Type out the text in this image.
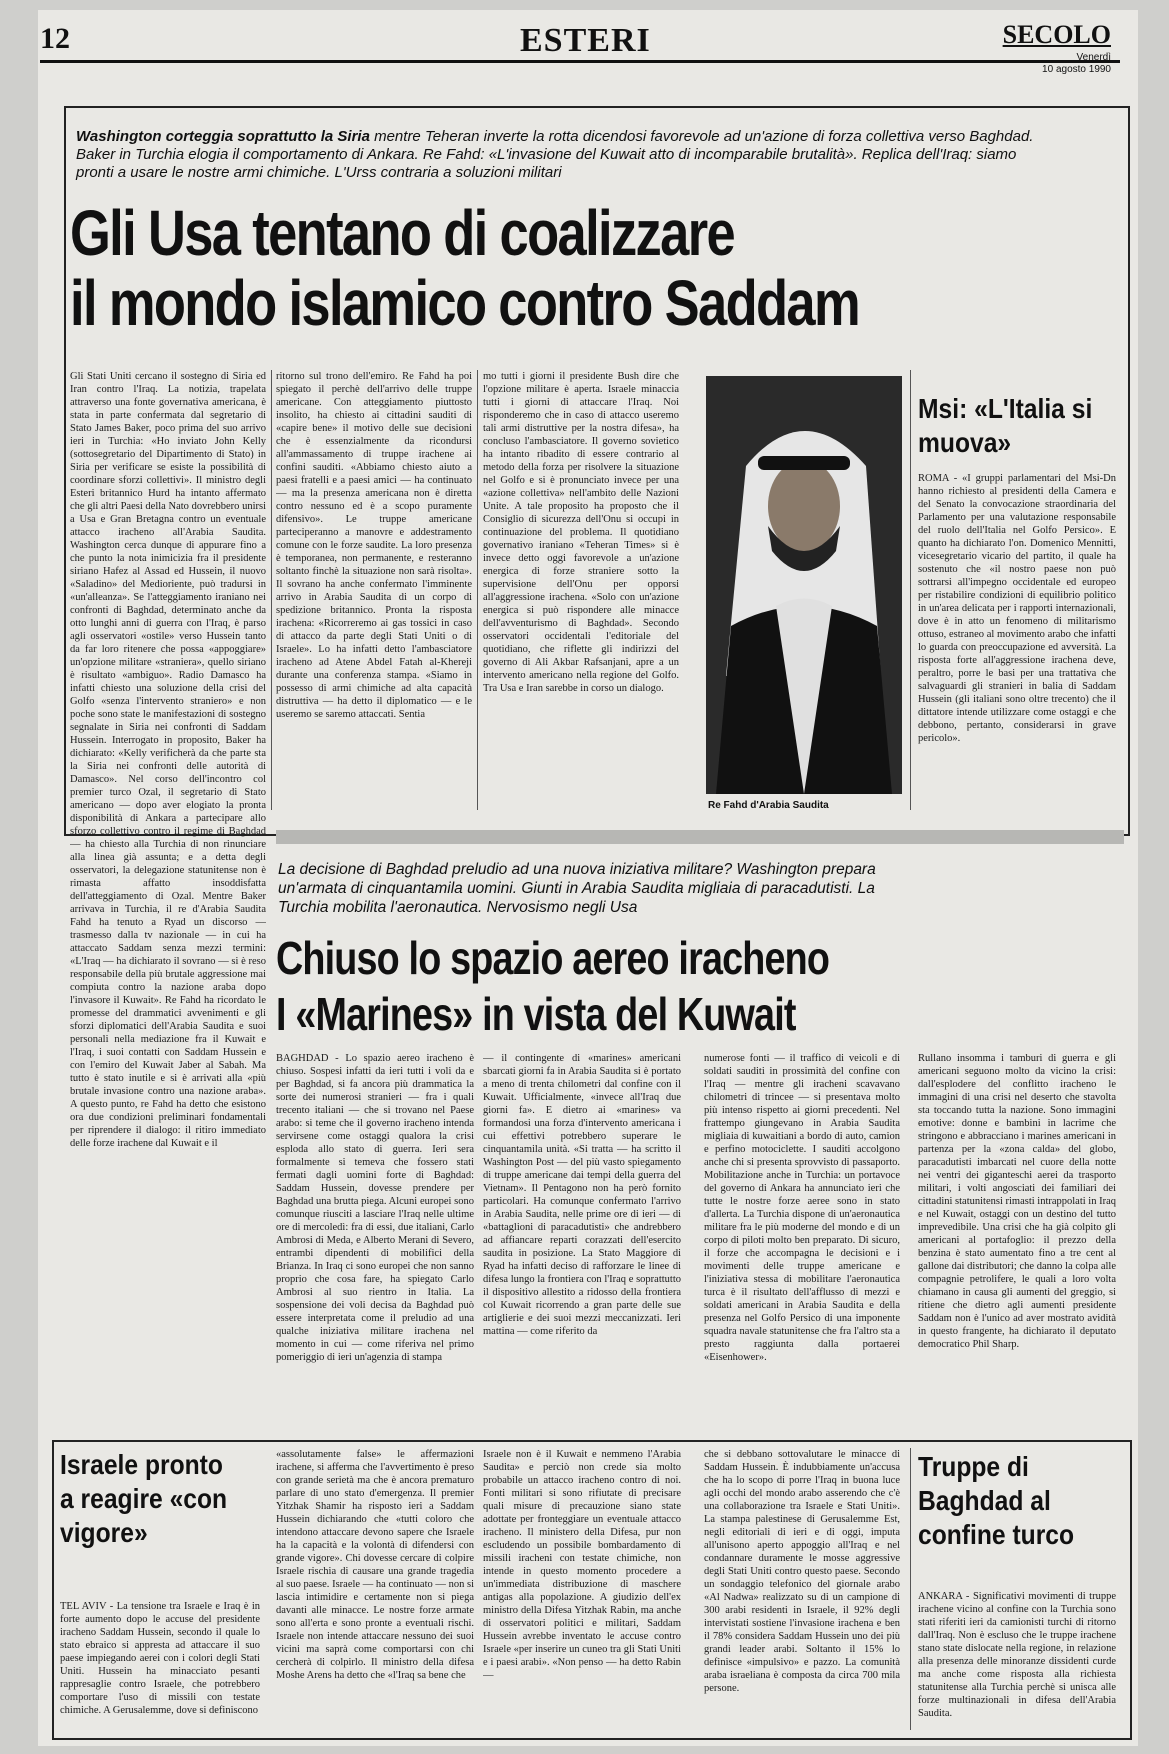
12	ESTERI	SECOLO
Venerdì
10 agosto 1990
Washington corteggia soprattutto la Siria mentre Teheran inverte la rotta dicendosi favorevole ad un'azione di forza collettiva verso Baghdad. Baker in Turchia elogia il comportamento di Ankara. Re Fahd: «L'invasione del Kuwait atto di incomparabile brutalità». Replica dell'Iraq: siamo pronti a usare le nostre armi chimiche. L'Urss contraria a soluzioni militari
Gli Usa tentano di coalizzare
il mondo islamico contro Saddam
Gli Stati Uniti cercano il sostegno di Siria ed Iran contro l'Iraq. La notizia, trapelata attraverso una fonte governativa americana, è stata in parte confermata dal segretario di Stato James Baker, poco prima del suo arrivo ieri in Turchia: «Ho inviato John Kelly (sottosegretario del Dipartimento di Stato) in Siria per verificare se esiste la possibilità di coordinare sforzi collettivi». Il ministro degli Esteri britannico Hurd ha intanto affermato che gli altri Paesi della Nato dovrebbero unirsi a Usa e Gran Bretagna contro un eventuale attacco iracheno all'Arabia Saudita. Washington cerca dunque di appurare fino a che punto la nota inimicizia fra il presidente siriano Hafez al Assad ed Hussein, il nuovo «Saladino» del Medioriente, può tradursi in «un'alleanza». Se l'atteggiamento iraniano nei confronti di Baghdad, determinato anche da otto lunghi anni di guerra con l'Iraq, è parso agli osservatori «ostile» verso Hussein tanto da far loro ritenere che possa «appoggiare» un'opzione militare «straniera», quello siriano è risultato «ambiguo». Radio Damasco ha infatti chiesto una soluzione della crisi del Golfo «senza l'intervento straniero» e non poche sono state le manifestazioni di sostegno segnalate in Siria nei confronti di Saddam Hussein. Interrogato in proposito, Baker ha dichiarato: «Kelly verificherà da che parte sta la Siria nei confronti delle autorità di Damasco». Nel corso dell'incontro col premier turco Ozal, il segretario di Stato americano — dopo aver elogiato la pronta disponibilità di Ankara a partecipare allo sforzo collettivo contro il regime di Baghdad — ha chiesto alla Turchia di non rinunciare alla linea già assunta; e a detta degli osservatori, la delegazione statunitense non è rimasta affatto insoddisfatta dell'atteggiamento di Ozal. Mentre Baker arrivava in Turchia, il re d'Arabia Saudita Fahd ha tenuto a Ryad un discorso — trasmesso dalla tv nazionale — in cui ha attaccato Saddam senza mezzi termini: «L'Iraq — ha dichiarato il sovrano — si è reso responsabile della più brutale aggressione mai compiuta contro la nazione araba dopo l'invasore il Kuwait». Re Fahd ha ricordato le promesse del drammatici avvenimenti e gli sforzi diplomatici dell'Arabia Saudita e suoi personali nella mediazione fra il Kuwait e l'Iraq, i suoi contatti con Saddam Hussein e con l'emiro del Kuwait Jaber al Sabah. Ma tutto è stato inutile e si è arrivati alla «più brutale invasione contro una nazione araba». A questo punto, re Fahd ha detto che esistono ora due condizioni preliminari fondamentali per riprendere il dialogo: il ritiro immediato delle forze irachene dal Kuwait e il
ritorno sul trono dell'emiro. Re Fahd ha poi spiegato il perchè dell'arrivo delle truppe americane. Con atteggiamento piuttosto insolito, ha chiesto ai cittadini sauditi di «capire bene» il motivo delle sue decisioni che è essenzialmente da ricondursi all'ammassamento di truppe irachene ai confini sauditi. «Abbiamo chiesto aiuto a paesi fratelli e a paesi amici — ha continuato — ma la presenza americana non è diretta contro nessuno ed è a scopo puramente difensivo». Le truppe americane parteciperanno a manovre e addestramento comune con le forze saudite. La loro presenza è temporanea, non permanente, e resteranno soltanto finchè la situazione non sarà risolta». Il sovrano ha anche confermato l'imminente arrivo in Arabia Saudita di un corpo di spedizione britannico. Pronta la risposta irachena: «Ricorreremo ai gas tossici in caso di attacco da parte degli Stati Uniti o di Israele». Lo ha infatti detto l'ambasciatore iracheno ad Atene Abdel Fatah al-Khereji durante una conferenza stampa. «Siamo in possesso di armi chimiche ad alta capacità distruttiva — ha detto il diplomatico — e le useremo se saremo attaccati. Sentia
mo tutti i giorni il presidente Bush dire che l'opzione militare è aperta. Israele minaccia tutti i giorni di attaccare l'Iraq. Noi risponderemo che in caso di attacco useremo tali armi distruttive per la nostra difesa», ha concluso l'ambasciatore. Il governo sovietico ha intanto ribadito di essere contrario al metodo della forza per risolvere la situazione nel Golfo e si è pronunciato invece per una «azione collettiva» nell'ambito delle Nazioni Unite. A tale proposito ha proposto che il Consiglio di sicurezza dell'Onu si occupi in continuazione del problema. Il quotidiano governativo iraniano «Teheran Times» si è invece detto oggi favorevole a un'azione energica di forze straniere sotto la supervisione dell'Onu per opporsi all'aggressione irachena. «Solo con un'azione energica si può rispondere alle minacce dell'avventurismo di Baghdad». Secondo osservatori occidentali l'editoriale del quotidiano, che riflette gli indirizzi del governo di Ali Akbar Rafsanjani, apre a un intervento americano nella regione del Golfo. Tra Usa e Iran sarebbe in corso un dialogo.
Re Fahd d'Arabia Saudita
Msi: «L'Italia si muova»
ROMA - «I gruppi parlamentari del Msi-Dn hanno richiesto al presidenti della Camera e del Senato la convocazione straordinaria del Parlamento per una valutazione responsabile del ruolo dell'Italia nel Golfo Persico». E quanto ha dichiarato l'on. Domenico Mennitti, vicesegretario vicario del partito, il quale ha sostenuto che «il nostro paese non può sottrarsi all'impegno occidentale ed europeo per ristabilire condizioni di equilibrio politico in un'area delicata per i rapporti internazionali, dove è in atto un fenomeno di militarismo ottuso, estraneo al movimento arabo che infatti lo guarda con preoccupazione ed avversità. La risposta forte all'aggressione irachena deve, peraltro, porre le basi per una trattativa che salvaguardi gli stranieri in balia di Saddam Hussein (gli italiani sono oltre trecento) che il dittatore intende utilizzare come ostaggi e che debbono, pertanto, considerarsi in grave pericolo».
La decisione di Baghdad preludio ad una nuova iniziativa militare? Washington prepara un'armata di cinquantamila uomini. Giunti in Arabia Saudita migliaia di paracadutisti. La Turchia mobilita l'aeronautica. Nervosismo negli Usa
Chiuso lo spazio aereo iracheno
I «Marines» in vista del Kuwait
BAGHDAD - Lo spazio aereo iracheno è chiuso. Sospesi infatti da ieri tutti i voli da e per Baghdad, si fa ancora più drammatica la sorte dei numerosi stranieri — fra i quali trecento italiani — che si trovano nel Paese arabo: si teme che il governo iracheno intenda servirsene come ostaggi qualora la crisi esploda allo stato di guerra. Ieri sera formalmente si temeva che fossero stati fermati dagli uomini forte di Baghdad: Saddam Hussein, dovesse prendere per Baghdad una brutta piega. Alcuni europei sono comunque riusciti a lasciare l'Iraq nelle ultime ore di mercoledì: fra di essi, due italiani, Carlo Ambrosi di Meda, e Alberto Merani di Severo, entrambi dipendenti di mobilifici della Brianza. In Iraq ci sono europei che non sanno proprio che cosa fare, ha spiegato Carlo Ambrosi al suo rientro in Italia. La sospensione dei voli decisa da Baghdad può essere interpretata come il preludio ad una qualche iniziativa militare irachena nel momento in cui — come riferiva nel primo pomeriggio di ieri un'agenzia di stampa
— il contingente di «marines» americani sbarcati giorni fa in Arabia Saudita si è portato a meno di trenta chilometri dal confine con il Kuwait. Ufficialmente, «invece all'Iraq due giorni fa». E dietro ai «marines» va formandosi una forza d'intervento americana i cui effettivi potrebbero superare le cinquantamila unità. «Si tratta — ha scritto il Washington Post — del più vasto spiegamento di truppe americane dai tempi della guerra del Vietnam». Il Pentagono non ha però fornito particolari. Ha comunque confermato l'arrivo in Arabia Saudita, nelle prime ore di ieri — di «battaglioni di paracadutisti» che andrebbero ad affiancare reparti corazzati dell'esercito saudita in posizione. La Stato Maggiore di Ryad ha infatti deciso di rafforzare le linee di difesa lungo la frontiera con l'Iraq e soprattutto il dispositivo allestito a ridosso della frontiera col Kuwait ricorrendo a gran parte delle sue artiglierie e dei suoi mezzi meccanizzati. Ieri mattina — come riferito da
numerose fonti — il traffico di veicoli e di soldati sauditi in prossimità del confine con l'Iraq — mentre gli iracheni scavavano chilometri di trincee — si presentava molto più intenso rispetto ai giorni precedenti. Nel frattempo giungevano in Arabia Saudita migliaia di kuwaitiani a bordo di auto, camion e perfino motociclette. I sauditi accolgono anche chi si presenta sprovvisto di passaporto. Mobilitazione anche in Turchia: un portavoce del governo di Ankara ha annunciato ieri che tutte le nostre forze aeree sono in stato d'allerta. La Turchia dispone di un'aeronautica militare fra le più moderne del mondo e di un corpo di piloti molto ben preparato. Di sicuro, il forze che accompagna le decisioni e i movimenti delle truppe americane e l'iniziativa stessa di mobilitare l'aeronautica turca è il risultato dell'afflusso di mezzi e soldati americani in Arabia Saudita e della presenza nel Golfo Persico di una imponente squadra navale statunitense che fra l'altro sta a presto raggiunta dalla portaerei «Eisenhower».
Rullano insomma i tamburi di guerra e gli americani seguono molto da vicino la crisi: dall'esplodere del conflitto iracheno le immagini di una crisi nel deserto che stavolta sta toccando tutta la nazione. Sono immagini emotive: donne e bambini in lacrime che stringono e abbracciano i marines americani in partenza per la «zona calda» del globo, paracadutisti imbarcati nel cuore della notte nei ventri dei giganteschi aerei da trasporto militari, i volti angosciati dei familiari dei cittadini statunitensi rimasti intrappolati in Iraq e nel Kuwait, ostaggi con un destino del tutto imprevedibile. Una crisi che ha già colpito gli americani al portafoglio: il prezzo della benzina è stato aumentato fino a tre cent al gallone dai distributori; che danno la colpa alle compagnie petrolifere, le quali a loro volta chiamano in causa gli aumenti del greggio, si ritiene che dietro agli aumenti presidente Saddam non è l'unico ad aver mostrato avidità in questo frangente, ha dichiarato il deputato democratico Phil Sharp.
Israele pronto a reagire «con vigore»
TEL AVIV - La tensione tra Israele e Iraq è in forte aumento dopo le accuse del presidente iracheno Saddam Hussein, secondo il quale lo stato ebraico si appresta ad attaccare il suo paese impiegando aerei con i colori degli Stati Uniti. Hussein ha minacciato pesanti rappresaglie contro Israele, che potrebbero comportare l'uso di missili con testate chimiche. A Gerusalemme, dove si definiscono
«assolutamente false» le affermazioni irachene, si afferma che l'avvertimento è preso con grande serietà ma che è ancora prematuro parlare di uno stato d'emergenza. Il premier Yitzhak Shamir ha risposto ieri a Saddam Hussein dichiarando che «tutti coloro che intendono attaccare devono sapere che Israele ha la capacità e la volontà di difendersi con grande vigore». Chi dovesse cercare di colpire Israele rischia di causare una grande tragedia al suo paese. Israele — ha continuato — non si lascia intimidire e certamente non si piega davanti alle minacce. Le nostre forze armate sono all'erta e sono pronte a eventuali rischi. Israele non intende attaccare nessuno dei suoi vicini ma saprà come comportarsi con chi cercherà di colpirlo. Il ministro della difesa Moshe Arens ha detto che «l'Iraq sa bene che
Israele non è il Kuwait e nemmeno l'Arabia Saudita» e perciò non crede sia molto probabile un attacco iracheno contro di noi. Fonti militari si sono rifiutate di precisare quali misure di precauzione siano state adottate per fronteggiare un eventuale attacco iracheno. Il ministero della Difesa, pur non escludendo un possibile bombardamento di missili iracheni con testate chimiche, non intende in questo momento procedere a un'immediata distribuzione di maschere antigas alla popolazione. A giudizio dell'ex ministro della Difesa Yitzhak Rabin, ma anche di osservatori politici e militari, Saddam Hussein avrebbe inventato le accuse contro Israele «per inserire un cuneo tra gli Stati Uniti e i paesi arabi». «Non penso — ha detto Rabin —
che si debbano sottovalutare le minacce di Saddam Hussein. È indubbiamente un'accusa che ha lo scopo di porre l'Iraq in buona luce agli occhi del mondo arabo asserendo che c'è una collaborazione tra Israele e Stati Uniti». La stampa palestinese di Gerusalemme Est, negli editoriali di ieri e di oggi, imputa all'unisono aperto appoggio all'Iraq e nel condannare duramente le mosse aggressive degli Stati Uniti contro questo paese. Secondo un sondaggio telefonico del giornale arabo «Al Nadwa» realizzato su di un campione di 300 arabi residenti in Israele, il 92% degli intervistati sostiene l'invasione irachena e ben il 78% considera Saddam Hussein uno dei più grandi leader arabi. Soltanto il 15% lo definisce «impulsivo» e pazzo. La comunità araba israeliana è composta da circa 700 mila persone.
Truppe di Baghdad al confine turco
ANKARA - Significativi movimenti di truppe irachene vicino al confine con la Turchia sono stati riferiti ieri da camionisti turchi di ritorno dall'Iraq. Non è escluso che le truppe irachene stano state dislocate nella regione, in relazione alla presenza delle minoranze dissidenti curde ma anche come risposta alla richiesta statunitense alla Turchia perchè si unisca alle forze multinazionali in difesa dell'Arabia Saudita.
